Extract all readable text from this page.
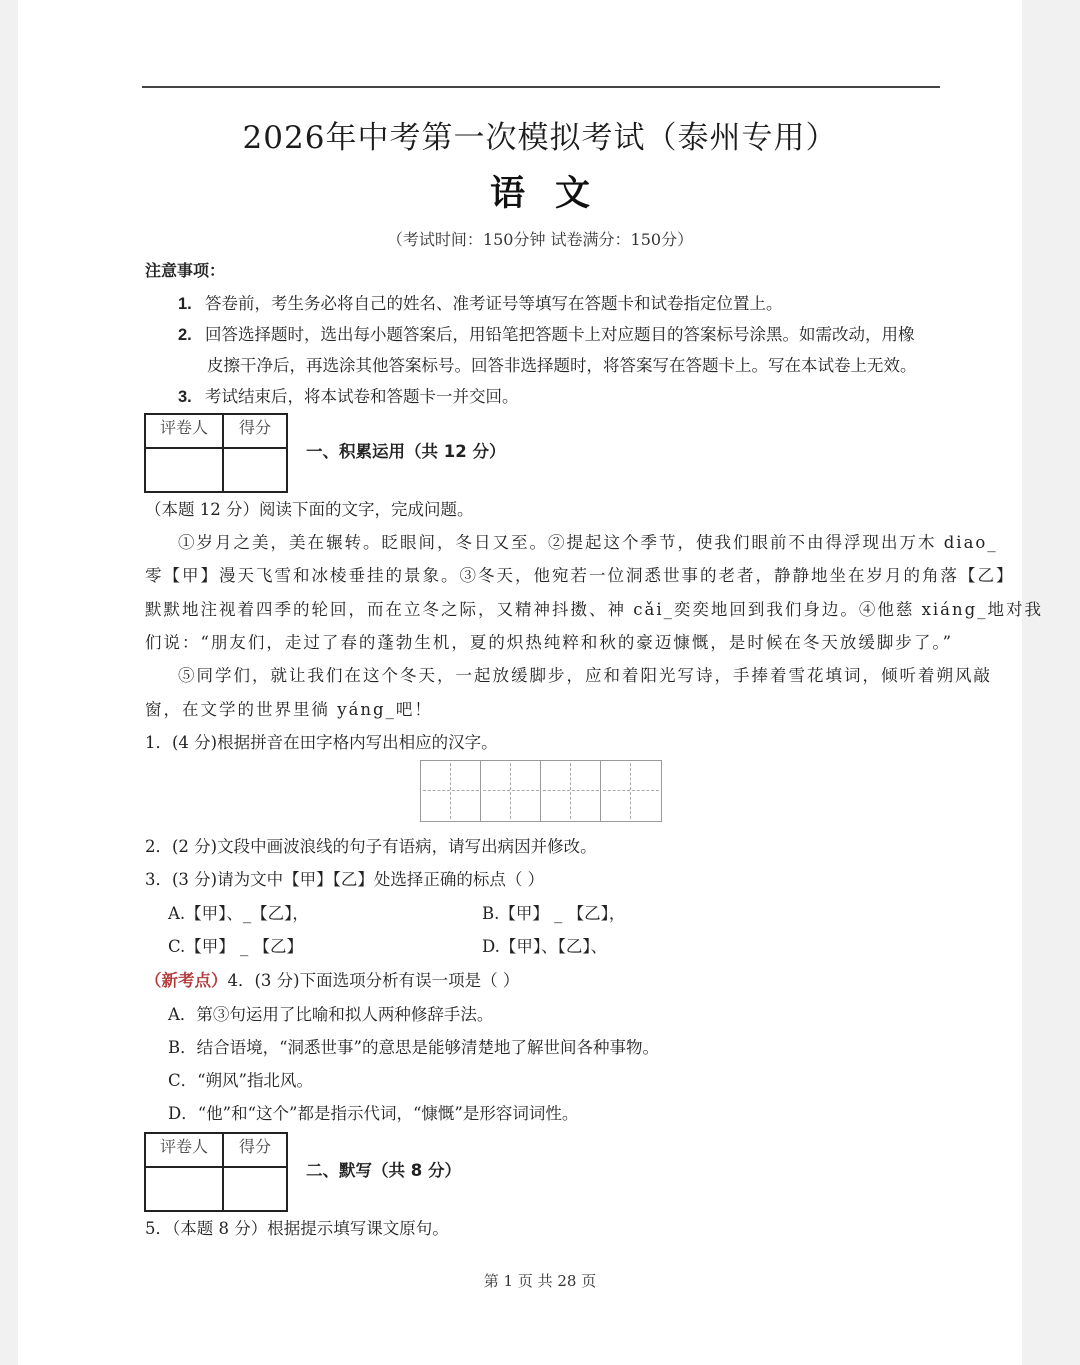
2026年中考第一次模拟考试（泰州专用）
语文
（考试时间：150分钟 试卷满分：150分）
注意事项：
1. 答卷前，考生务必将自己的姓名、准考证号等填写在答题卡和试卷指定位置上。
2. 回答选择题时，选出每小题答案后，用铅笔把答题卡上对应题目的答案标号涂黑。如需改动，用橡
皮擦干净后，再选涂其他答案标号。回答非选择题时，将答案写在答题卡上。写在本试卷上无效。
3. 考试结束后，将本试卷和答题卡一并交回。
评卷人	得分

一、积累运用（共 12 分）
（本题 12 分）阅读下面的文字，完成问题。
①岁月之美，美在辗转。眨眼间，冬日又至。②提起这个季节，使我们眼前不由得浮现出万木 diao_
零【甲】漫天飞雪和冰棱垂挂的景象。③冬天，他宛若一位洞悉世事的老者，静静地坐在岁月的角落【乙】
默默地注视着四季的轮回，而在立冬之际，又精神抖擞、神 cǎi_奕奕地回到我们身边。④他慈 xiáng_地对我
们说：“朋友们，走过了春的蓬勃生机，夏的炽热纯粹和秋的豪迈慷慨，是时候在冬天放缓脚步了。”
⑤同学们，就让我们在这个冬天，一起放缓脚步，应和着阳光写诗，手捧着雪花填词，倾听着朔风敲
窗，在文学的世界里徜 yáng_吧！
1．(4 分)根据拼音在田字格内写出相应的汉字。
2．(2 分)文段中画波浪线的句子有语病，请写出病因并修改。
3．(3 分)请为文中【甲】【乙】处选择正确的标点（ ）
A.【甲】、_【乙】，	B.【甲】 _ 【乙】，
C.【甲】 _ 【乙】	D.【甲】、【乙】、
（新考点）4．(3 分)下面选项分析有误一项是（ ）
A．第③句运用了比喻和拟人两种修辞手法。
B．结合语境，“洞悉世事”的意思是能够清楚地了解世间各种事物。
C．“朔风”指北风。
D．“他”和“这个”都是指示代词，“慷慨”是形容词词性。
评卷人	得分

二、默写（共 8 分）
5．（本题 8 分）根据提示填写课文原句。
第 1 页 共 28 页
